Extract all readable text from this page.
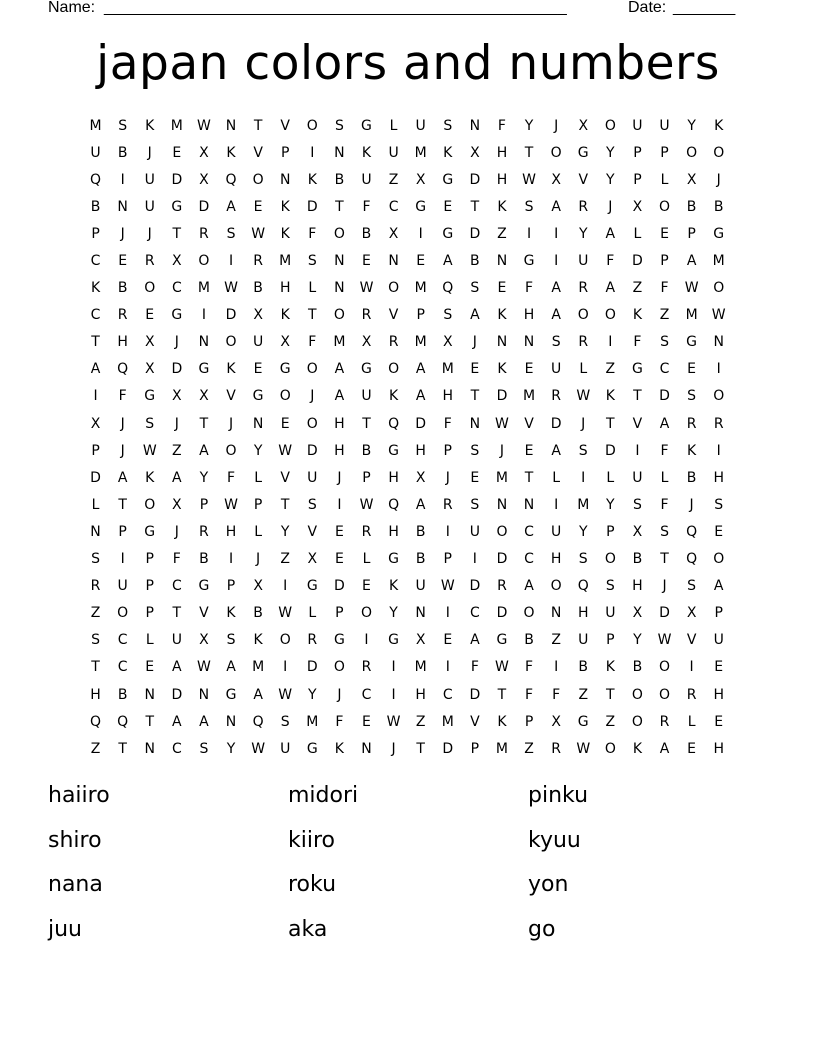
Name:

____________________________________________________

	Date:

_______

japan colors and numbers
M	S	K	M	W	N	T	V	O	S	G	L	U	S	N	F	Y	J	X	O	U	U	Y	K
U	B	J	E	X	K	V	P	I	N	K	U	M	K	X	H	T	O	G	Y	P	P	O	O
Q	I	U	D	X	Q	O	N	K	B	U	Z	X	G	D	H	W	X	V	Y	P	L	X	J
B	N	U	G	D	A	E	K	D	T	F	C	G	E	T	K	S	A	R	J	X	O	B	B
P	J	J	T	R	S	W	K	F	O	B	X	I	G	D	Z	I	I	Y	A	L	E	P	G
C	E	R	X	O	I	R	M	S	N	E	N	E	A	B	N	G	I	U	F	D	P	A	M
K	B	O	C	M	W	B	H	L	N	W	O	M	Q	S	E	F	A	R	A	Z	F	W	O
C	R	E	G	I	D	X	K	T	O	R	V	P	S	A	K	H	A	O	O	K	Z	M	W
T	H	X	J	N	O	U	X	F	M	X	R	M	X	J	N	N	S	R	I	F	S	G	N
A	Q	X	D	G	K	E	G	O	A	G	O	A	M	E	K	E	U	L	Z	G	C	E	I
I	F	G	X	X	V	G	O	J	A	U	K	A	H	T	D	M	R	W	K	T	D	S	O
X	J	S	J	T	J	N	E	O	H	T	Q	D	F	N	W	V	D	J	T	V	A	R	R
P	J	W	Z	A	O	Y	W	D	H	B	G	H	P	S	J	E	A	S	D	I	F	K	I
D	A	K	A	Y	F	L	V	U	J	P	H	X	J	E	M	T	L	I	L	U	L	B	H
L	T	O	X	P	W	P	T	S	I	W	Q	A	R	S	N	N	I	M	Y	S	F	J	S
N	P	G	J	R	H	L	Y	V	E	R	H	B	I	U	O	C	U	Y	P	X	S	Q	E
S	I	P	F	B	I	J	Z	X	E	L	G	B	P	I	D	C	H	S	O	B	T	Q	O
R	U	P	C	G	P	X	I	G	D	E	K	U	W	D	R	A	O	Q	S	H	J	S	A
Z	O	P	T	V	K	B	W	L	P	O	Y	N	I	C	D	O	N	H	U	X	D	X	P
S	C	L	U	X	S	K	O	R	G	I	G	X	E	A	G	B	Z	U	P	Y	W	V	U
T	C	E	A	W	A	M	I	D	O	R	I	M	I	F	W	F	I	B	K	B	O	I	E
H	B	N	D	N	G	A	W	Y	J	C	I	H	C	D	T	F	F	Z	T	O	O	R	H
Q	Q	T	A	A	N	Q	S	M	F	E	W	Z	M	V	K	P	X	G	Z	O	R	L	E
Z	T	N	C	S	Y	W	U	G	K	N	J	T	D	P	M	Z	R	W	O	K	A	E	H
haiiro	midori	pinku
shiro	kiiro	kyuu
nana	roku	yon
juu	aka	go
